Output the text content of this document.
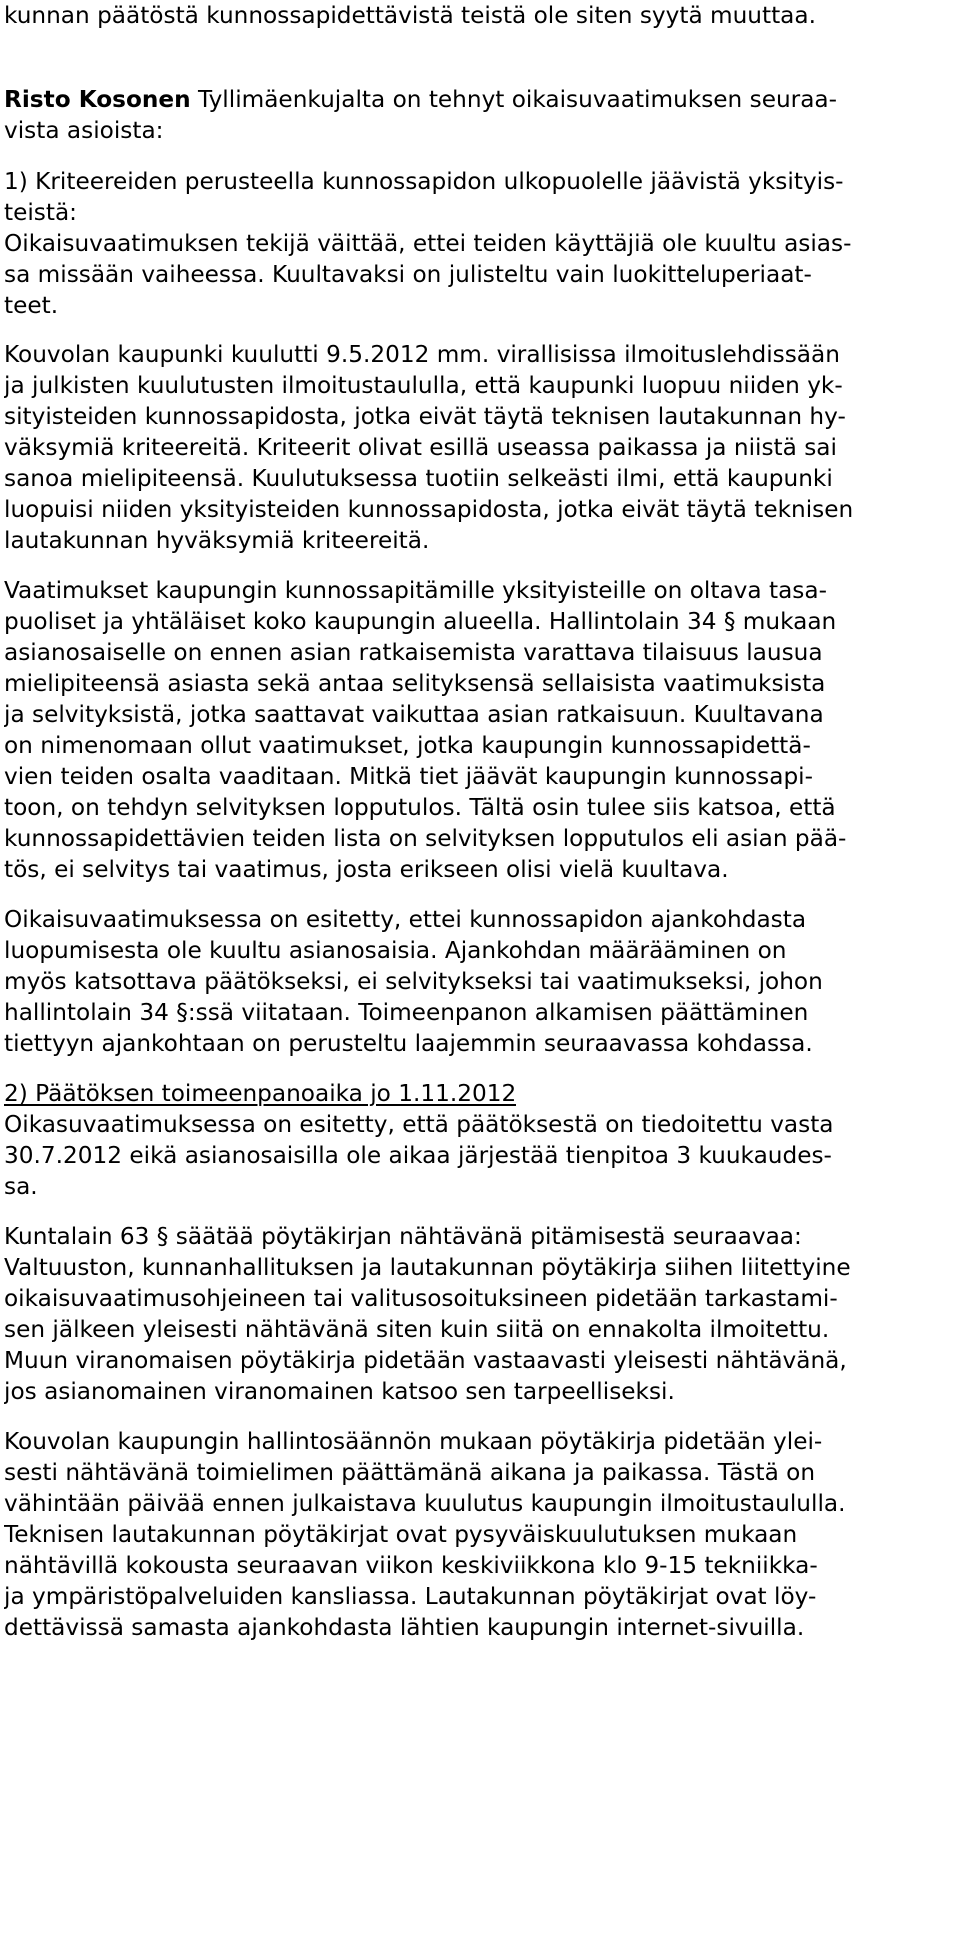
kunnan päätöstä kunnossapidettävistä teistä ole siten syytä muuttaa.
Risto Kosonen Tyllimäenkujalta on tehnyt oikaisuvaatimuksen seuraa-
vista asioista:
1) Kriteereiden perusteella kunnossapidon ulkopuolelle jäävistä yksityis-
teistä:
Oikaisuvaatimuksen tekijä väittää, ettei teiden käyttäjiä ole kuultu asias-
sa missään vaiheessa. Kuultavaksi on julisteltu vain luokitteluperiaat-
teet.
Kouvolan kaupunki kuulutti 9.5.2012 mm. virallisissa ilmoituslehdissään
ja julkisten kuulutusten ilmoitustaululla, että kaupunki luopuu niiden yk-
sityisteiden kunnossapidosta, jotka eivät täytä teknisen lautakunnan hy-
väksymiä kriteereitä. Kriteerit olivat esillä useassa paikassa ja niistä sai
sanoa mielipiteensä. Kuulutuksessa tuotiin selkeästi ilmi, että kaupunki
luopuisi niiden yksityisteiden kunnossapidosta, jotka eivät täytä teknisen
lautakunnan hyväksymiä kriteereitä.
Vaatimukset kaupungin kunnossapitämille yksityisteille on oltava tasa-
puoliset ja yhtäläiset koko kaupungin alueella. Hallintolain 34 § mukaan
asianosaiselle on ennen asian ratkaisemista varattava tilaisuus lausua
mielipiteensä asiasta sekä antaa selityksensä sellaisista vaatimuksista
ja selvityksistä, jotka saattavat vaikuttaa asian ratkaisuun. Kuultavana
on nimenomaan ollut vaatimukset, jotka kaupungin kunnossapidettä-
vien teiden osalta vaaditaan. Mitkä tiet jäävät kaupungin kunnossapi-
toon, on tehdyn selvityksen lopputulos. Tältä osin tulee siis katsoa, että
kunnossapidettävien teiden lista on selvityksen lopputulos eli asian pää-
tös, ei selvitys tai vaatimus, josta erikseen olisi vielä kuultava.
Oikaisuvaatimuksessa on esitetty, ettei kunnossapidon ajankohdasta
luopumisesta ole kuultu asianosaisia. Ajankohdan määrääminen on
myös katsottava päätökseksi, ei selvitykseksi tai vaatimukseksi, johon
hallintolain 34 §:ssä viitataan. Toimeenpanon alkamisen päättäminen
tiettyyn ajankohtaan on perusteltu laajemmin seuraavassa kohdassa.
2) Päätöksen toimeenpanoaika jo 1.11.2012
Oikasuvaatimuksessa on esitetty, että päätöksestä on tiedoitettu vasta
30.7.2012 eikä asianosaisilla ole aikaa järjestää tienpitoa 3 kuukaudes-
sa.
Kuntalain 63 § säätää pöytäkirjan nähtävänä pitämisestä seuraavaa:
Valtuuston, kunnanhallituksen ja lautakunnan pöytäkirja siihen liitettyine
oikaisuvaatimusohjeineen tai valitusosoituksineen pidetään tarkastami-
sen jälkeen yleisesti nähtävänä siten kuin siitä on ennakolta ilmoitettu.
Muun viranomaisen pöytäkirja pidetään vastaavasti yleisesti nähtävänä,
jos asianomainen viranomainen katsoo sen tarpeelliseksi.
Kouvolan kaupungin hallintosäännön mukaan pöytäkirja pidetään ylei-
sesti nähtävänä toimielimen päättämänä aikana ja paikassa. Tästä on
vähintään päivää ennen julkaistava kuulutus kaupungin ilmoitustaululla.
Teknisen lautakunnan pöytäkirjat ovat pysyväiskuulutuksen mukaan
nähtävillä kokousta seuraavan viikon keskiviikkona klo 9-15 tekniikka-
ja ympäristöpalveluiden kansliassa. Lautakunnan pöytäkirjat ovat löy-
dettävissä samasta ajankohdasta lähtien kaupungin internet-sivuilla.
